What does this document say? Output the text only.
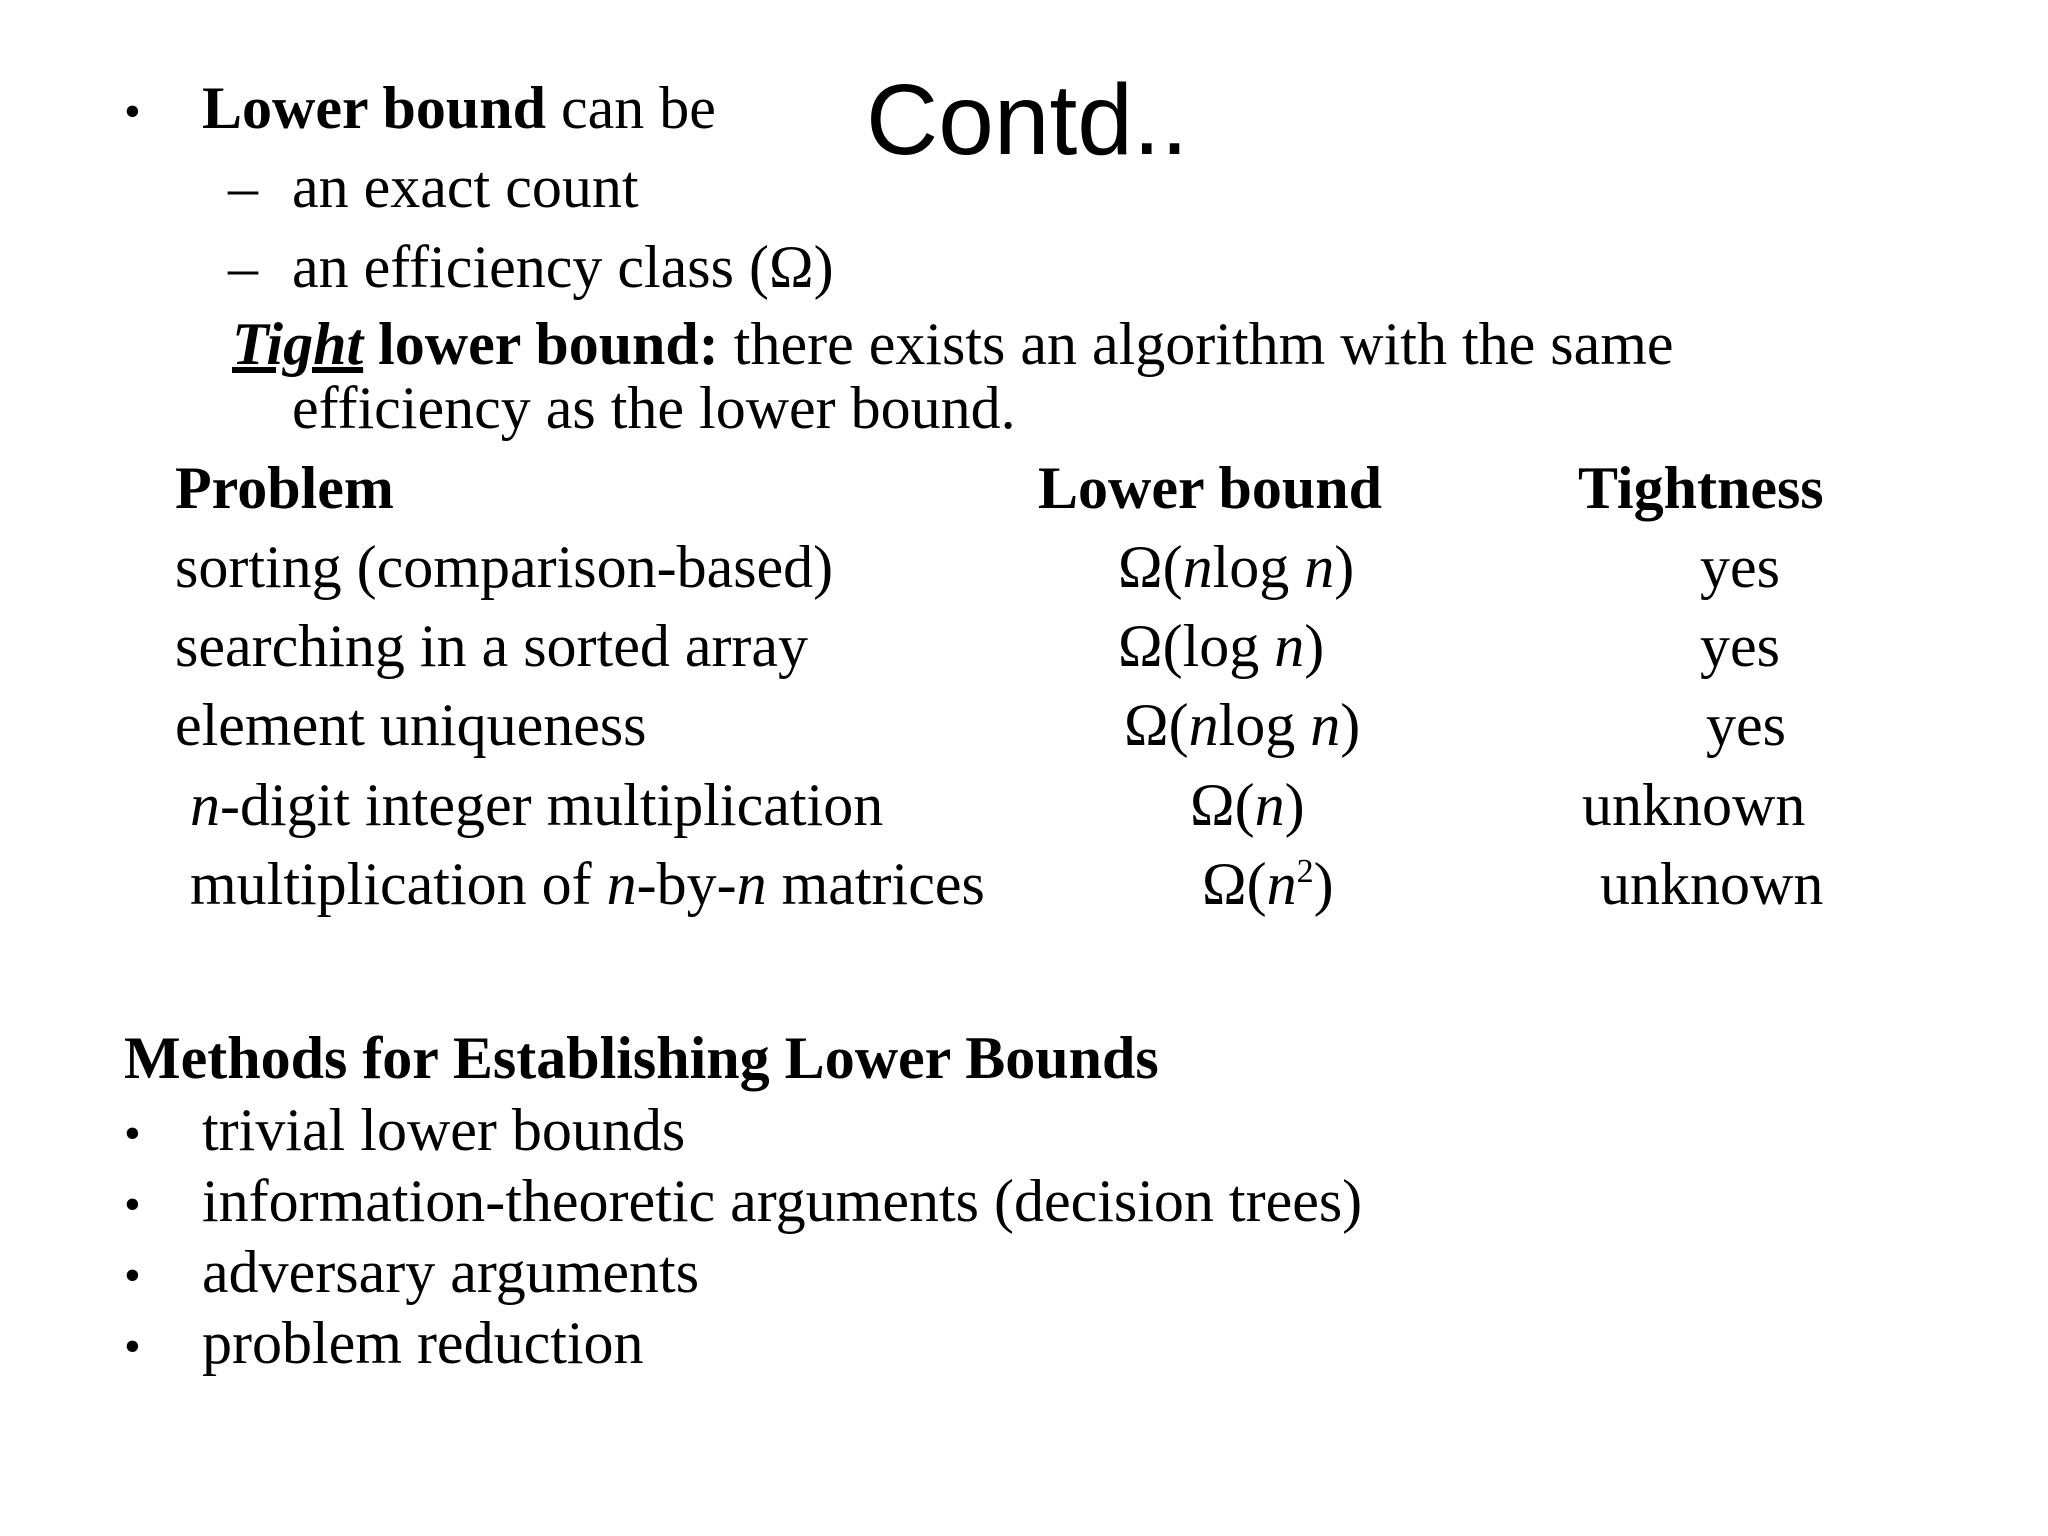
Contd..
• Lower bound can be
– an exact count
– an efficiency class (Ω)
Tight lower bound: there exists an algorithm with the same
efficiency as the lower bound.
Problem	Lower bound	Tightness
sorting (comparison-based)	Ω(nlog n)	yes
searching in a sorted array	Ω(log n)	yes
element uniqueness	Ω(nlog n)	yes
n-digit integer multiplication	Ω(n)	unknown
multiplication of n-by-n matrices	$\Omega(n^2)$	unknown
Methods for Establishing Lower Bounds
• trivial lower bounds
• information-theoretic arguments (decision trees)
• adversary arguments
• problem reduction
